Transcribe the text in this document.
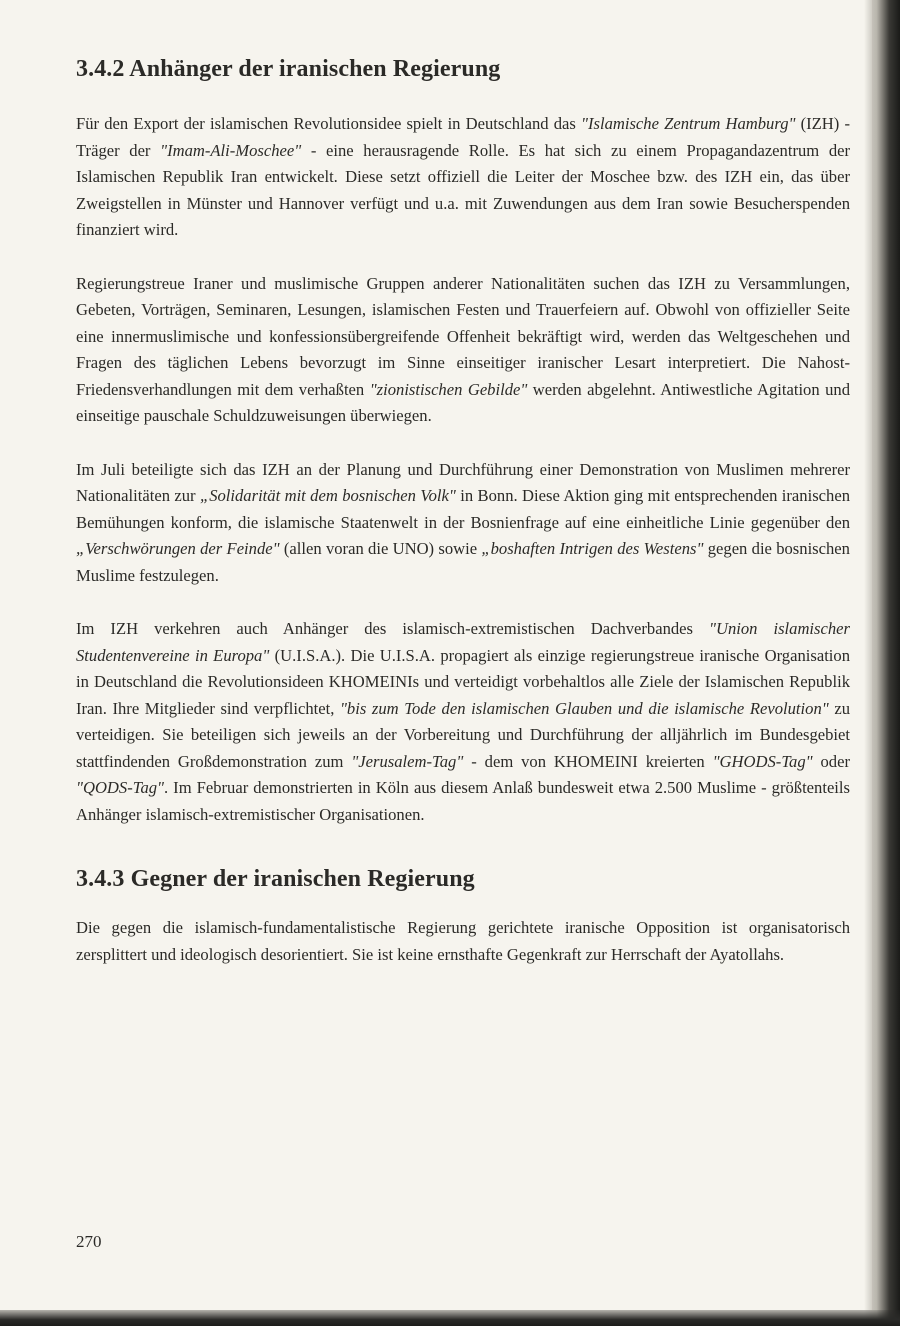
3.4.2 Anhänger der iranischen Regierung

Für den Export der islamischen Revolutionsidee spielt in Deutschland das "Islamische Zentrum Hamburg" (IZH) - Träger der "Imam-Ali-Moschee" - eine herausragende Rolle. Es hat sich zu einem Propagandazentrum der Islamischen Republik Iran entwickelt. Diese setzt offiziell die Leiter der Moschee bzw. des IZH ein, das über Zweigstellen in Münster und Hannover verfügt und u.a. mit Zuwendungen aus dem Iran sowie Besucherspenden finanziert wird.

Regierungstreue Iraner und muslimische Gruppen anderer Nationalitäten suchen das IZH zu Versammlungen, Gebeten, Vorträgen, Seminaren, Lesungen, islamischen Festen und Trauerfeiern auf. Obwohl von offizieller Seite eine innermuslimische und konfessionsübergreifende Offenheit bekräftigt wird, werden das Weltgeschehen und Fragen des täglichen Lebens bevorzugt im Sinne einseitiger iranischer Lesart interpretiert. Die Nahost-Friedensverhandlungen mit dem verhaßten "zionistischen Gebilde" werden abgelehnt. Antiwestliche Agitation und einseitige pauschale Schuldzuweisungen überwiegen.

Im Juli beteiligte sich das IZH an der Planung und Durchführung einer Demonstration von Muslimen mehrerer Nationalitäten zur „Solidarität mit dem bosnischen Volk" in Bonn. Diese Aktion ging mit entsprechenden iranischen Bemühungen konform, die islamische Staatenwelt in der Bosnienfrage auf eine einheitliche Linie gegenüber den „Verschwörungen der Feinde" (allen voran die UNO) sowie „boshaften Intrigen des Westens" gegen die bosnischen Muslime festzulegen.

Im IZH verkehren auch Anhänger des islamisch-extremistischen Dachverbandes "Union islamischer Studentenvereine in Europa" (U.I.S.A.). Die U.I.S.A. propagiert als einzige regierungstreue iranische Organisation in Deutschland die Revolutionsideen KHOMEINIs und verteidigt vorbehaltlos alle Ziele der Islamischen Republik Iran. Ihre Mitglieder sind verpflichtet, "bis zum Tode den islamischen Glauben und die islamische Revolution" zu verteidigen. Sie beteiligen sich jeweils an der Vorbereitung und Durchführung der alljährlich im Bundesgebiet stattfindenden Großdemonstration zum "Jerusalem-Tag" - dem von KHOMEINI kreierten "GHODS-Tag" oder "QODS-Tag". Im Februar demonstrierten in Köln aus diesem Anlaß bundesweit etwa 2.500 Muslime - größtenteils Anhänger islamisch-extremistischer Organisationen.

3.4.3 Gegner der iranischen Regierung

Die gegen die islamisch-fundamentalistische Regierung gerichtete iranische Opposition ist organisatorisch zersplittert und ideologisch desorientiert. Sie ist keine ernsthafte Gegenkraft zur Herrschaft der Ayatollahs.

270
